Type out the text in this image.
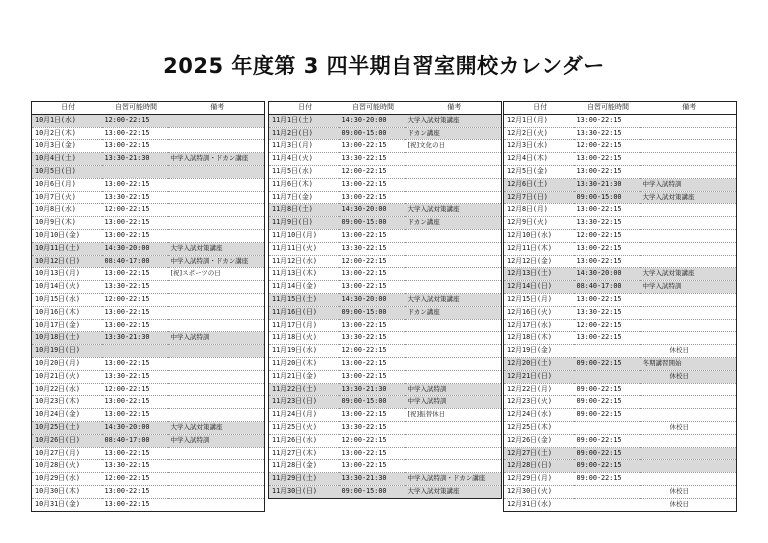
2025 年度第 3 四半期自習室開校カレンダー
日付	自習可能時間	備考
10月1日(水)	12:00-22:15	
10月2日(木)	13:00-22:15	
10月3日(金)	13:00-22:15	
10月4日(土)	13:30-21:30	中学入試特訓・ドカン講座
10月5日(日)		
10月6日(月)	13:00-22:15	
10月7日(火)	13:30-22:15	
10月8日(水)	12:00-22:15	
10月9日(木)	13:00-22:15	
10月10日(金)	13:00-22:15	
10月11日(土)	14:30-20:00	大学入試対策講座
10月12日(日)	08:40-17:00	中学入試特訓・ドカン講座
10月13日(月)	13:00-22:15	[祝]スポーツの日
10月14日(火)	13:30-22:15	
10月15日(水)	12:00-22:15	
10月16日(木)	13:00-22:15	
10月17日(金)	13:00-22:15	
10月18日(土)	13:30-21:30	中学入試特訓
10月19日(日)		
10月20日(月)	13:00-22:15	
10月21日(火)	13:30-22:15	
10月22日(水)	12:00-22:15	
10月23日(木)	13:00-22:15	
10月24日(金)	13:00-22:15	
10月25日(土)	14:30-20:00	大学入試対策講座
10月26日(日)	08:40-17:00	中学入試特訓
10月27日(月)	13:00-22:15	
10月28日(火)	13:30-22:15	
10月29日(水)	12:00-22:15	
10月30日(木)	13:00-22:15	
10月31日(金)	13:00-22:15	
日付	自習可能時間	備考
11月1日(土)	14:30-20:00	大学入試対策講座
11月2日(日)	09:00-15:00	ドカン講座
11月3日(月)	13:00-22:15	[祝]文化の日
11月4日(火)	13:30-22:15	
11月5日(水)	12:00-22:15	
11月6日(木)	13:00-22:15	
11月7日(金)	13:00-22:15	
11月8日(土)	14:30-20:00	大学入試対策講座
11月9日(日)	09:00-15:00	ドカン講座
11月10日(月)	13:00-22:15	
11月11日(火)	13:30-22:15	
11月12日(水)	12:00-22:15	
11月13日(木)	13:00-22:15	
11月14日(金)	13:00-22:15	
11月15日(土)	14:30-20:00	大学入試対策講座
11月16日(日)	09:00-15:00	ドカン講座
11月17日(月)	13:00-22:15	
11月18日(火)	13:30-22:15	
11月19日(水)	12:00-22:15	
11月20日(木)	13:00-22:15	
11月21日(金)	13:00-22:15	
11月22日(土)	13:30-21:30	中学入試特訓
11月23日(日)	09:00-15:00	中学入試特訓
11月24日(月)	13:00-22:15	[祝]振替休日
11月25日(火)	13:30-22:15	
11月26日(水)	12:00-22:15	
11月27日(木)	13:00-22:15	
11月28日(金)	13:00-22:15	
11月29日(土)	13:30-21:30	中学入試特訓・ドカン講座
11月30日(日)	09:00-15:00	大学入試対策講座
日付	自習可能時間	備考
12月1日(月)	13:00-22:15	
12月2日(火)	13:30-22:15	
12月3日(水)	12:00-22:15	
12月4日(木)	13:00-22:15	
12月5日(金)	13:00-22:15	
12月6日(土)	13:30-21:30	中学入試特訓
12月7日(日)	09:00-15:00	大学入試対策講座
12月8日(月)	13:00-22:15	
12月9日(火)	13:30-22:15	
12月10日(水)	12:00-22:15	
12月11日(木)	13:00-22:15	
12月12日(金)	13:00-22:15	
12月13日(土)	14:30-20:00	大学入試対策講座
12月14日(日)	08:40-17:00	中学入試特訓
12月15日(月)	13:00-22:15	
12月16日(火)	13:30-22:15	
12月17日(水)	12:00-22:15	
12月18日(木)	13:00-22:15	
12月19日(金)		休校日
12月20日(土)	09:00-22:15	冬期講習開始
12月21日(日)		休校日
12月22日(月)	09:00-22:15	
12月23日(火)	09:00-22:15	
12月24日(水)	09:00-22:15	
12月25日(木)		休校日
12月26日(金)	09:00-22:15	
12月27日(土)	09:00-22:15	
12月28日(日)	09:00-22:15	
12月29日(月)	09:00-22:15	
12月30日(火)		休校日
12月31日(水)		休校日
